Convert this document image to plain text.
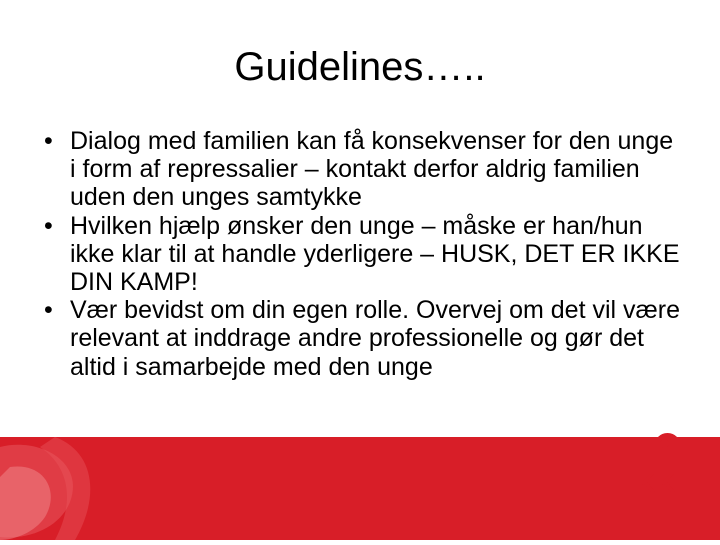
Guidelines…..
• Dialog med familien kan få konsekvenser for den unge i form af repressalier – kontakt derfor aldrig familien uden den unges samtykke
• Hvilken hjælp ønsker den unge – måske er han/hun ikke klar til at handle yderligere – HUSK, DET ER IKKE DIN KAMP!
• Vær bevidst om din egen rolle. Overvej om det vil være relevant at inddrage andre professionelle og gør det altid i samarbejde med den unge
LKK
